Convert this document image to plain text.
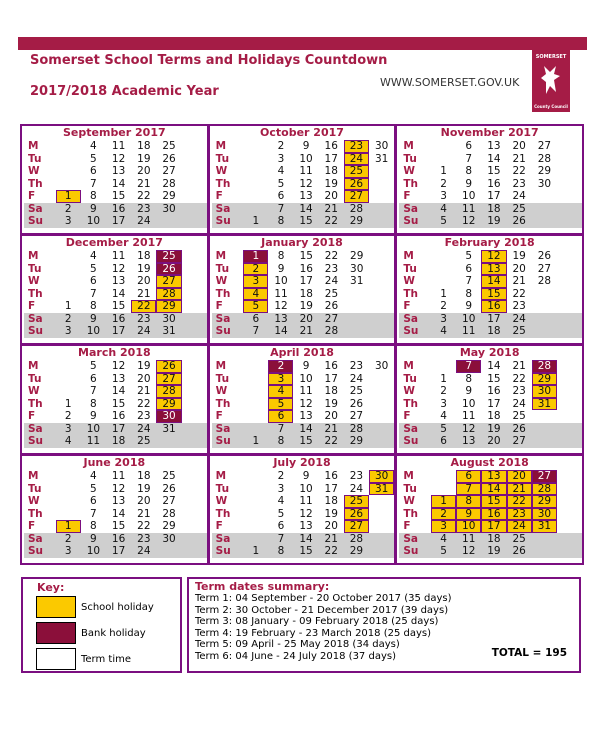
Somerset School Terms and Holidays Countdown
2017/2018 Academic Year
WWW.SOMERSET.GOV.UK
SOMERSET
County Council
September 2017
M		4	11	18	25	
Tu		5	12	19	26	
W		6	13	20	27	
Th		7	14	21	28	
F	1	8	15	22	29	
Sa	2	9	16	23	30	
Su	3	10	17	24		
October 2017
M		2	9	16	23	30
Tu		3	10	17	24	31
W		4	11	18	25	
Th		5	12	19	26	
F		6	13	20	27	
Sa		7	14	21	28	
Su	1	8	15	22	29	
November 2017
M		6	13	20	27	
Tu		7	14	21	28	
W	1	8	15	22	29	
Th	2	9	16	23	30	
F	3	10	17	24		
Sa	4	11	18	25		
Su	5	12	19	26		
December 2017
M		4	11	18	25	
Tu		5	12	19	26	
W		6	13	20	27	
Th		7	14	21	28	
F	1	8	15	22	29	
Sa	2	9	16	23	30	
Su	3	10	17	24	31	
January 2018
M	1	8	15	22	29	
Tu	2	9	16	23	30	
W	3	10	17	24	31	
Th	4	11	18	25		
F	5	12	19	26		
Sa	6	13	20	27		
Su	7	14	21	28		
February 2018
M		5	12	19	26	
Tu		6	13	20	27	
W		7	14	21	28	
Th	1	8	15	22		
F	2	9	16	23		
Sa	3	10	17	24		
Su	4	11	18	25		
March 2018
M		5	12	19	26	
Tu		6	13	20	27	
W		7	14	21	28	
Th	1	8	15	22	29	
F	2	9	16	23	30	
Sa	3	10	17	24	31	
Su	4	11	18	25		
April 2018
M		2	9	16	23	30
Tu		3	10	17	24	
W		4	11	18	25	
Th		5	12	19	26	
F		6	13	20	27	
Sa		7	14	21	28	
Su	1	8	15	22	29	
May 2018
M		7	14	21	28	
Tu	1	8	15	22	29	
W	2	9	16	23	30	
Th	3	10	17	24	31	
F	4	11	18	25		
Sa	5	12	19	26		
Su	6	13	20	27		
June 2018
M		4	11	18	25	
Tu		5	12	19	26	
W		6	13	20	27	
Th		7	14	21	28	
F	1	8	15	22	29	
Sa	2	9	16	23	30	
Su	3	10	17	24		
July 2018
M		2	9	16	23	30
Tu		3	10	17	24	31
W		4	11	18	25	
Th		5	12	19	26	
F		6	13	20	27	
Sa		7	14	21	28	
Su	1	8	15	22	29	
August 2018
M		6	13	20	27	
Tu		7	14	21	28	
W	1	8	15	22	29	
Th	2	9	16	23	30	
F	3	10	17	24	31	
Sa	4	11	18	25		
Su	5	12	19	26		
Key:
School holiday
Bank holiday
Term time
Term dates summary:
Term 1: 04 September - 20 October 2017 (35 days)
Term 2: 30 October - 21 December 2017 (39 days)
Term 3: 08 January - 09 February 2018 (25 days)
Term 4: 19 February - 23 March 2018 (25 days)
Term 5: 09 April - 25 May 2018 (34 days)
Term 6: 04 June - 24 July 2018 (37 days)	TOTAL = 195
